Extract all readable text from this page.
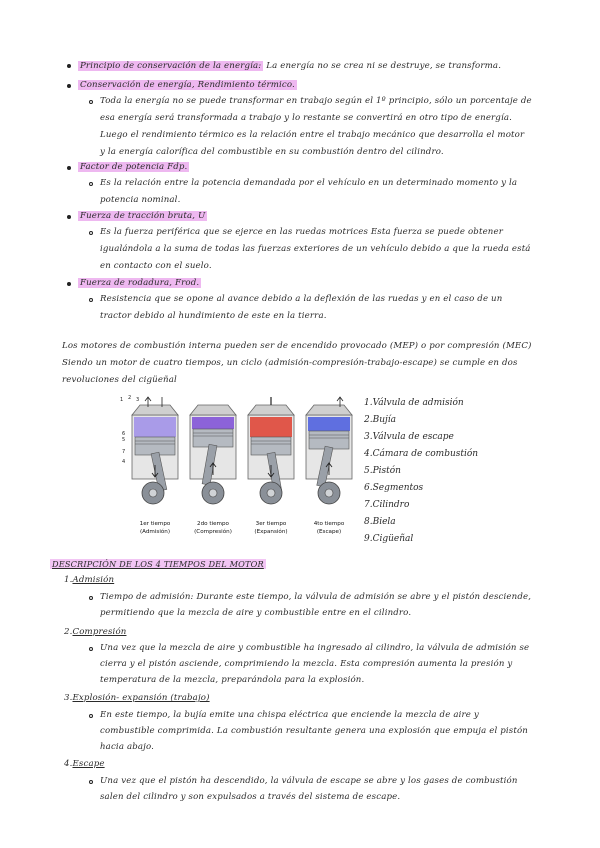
Principio de conservación de la energía: La energía no se crea ni se destruye, se transforma.
Conservación de energía, Rendimiento térmico.
Toda la energía no se puede transformar en trabajo según el 1º principio, sólo un porcentaje de
esa energía será transformada a trabajo y lo restante se convertirá en otro tipo de energía.
Luego el rendimiento térmico es la relación entre el trabajo mecánico que desarrolla el motor
y la energía calorífica del combustible en su combustión dentro del cilindro.
Factor de potencia Fdp.
Es la relación entre la potencia demandada por el vehículo en un determinado momento y la
potencia nominal.
Fuerza de tracción bruta, U
Es la fuerza periférica que se ejerce en las ruedas motrices Esta fuerza se puede obtener
igualándola a la suma de todas las fuerzas exteriores de un vehículo debido a que la rueda está
en contacto con el suelo.
Fuerza de rodadura, Frod.
Resistencia que se opone al avance debido a la deflexión de las ruedas y en el caso de un
tractor debido al hundimiento de este en la tierra.
Los motores de combustión interna pueden ser de encendido provocado (MEP) o por compresión (MEC)
Siendo un motor de cuatro tiempos, un ciclo (admisión-compresión-trabajo-escape) se cumple en dos
revoluciones del cigüeñal
1 2 3
6
5
7
4
1er tiempo
(Admisión)
2do tiempo
(Compresión)
3er tiempo
(Expansión)
4to tiempo
(Escape)
1.Válvula de admisión
2.Bujía
3.Válvula de escape
4.Cámara de combustión
5.Pistón
6.Segmentos
7.Cilindro
8.Biela
9.Cigüeñal
DESCRIPCIÓN DE LOS 4 TIEMPOS DEL MOTOR
1.Admisión
Tiempo de admisión: Durante este tiempo, la válvula de admisión se abre y el pistón desciende,
permitiendo que la mezcla de aire y combustible entre en el cilindro.
2.Compresión
Una vez que la mezcla de aire y combustible ha ingresado al cilindro, la válvula de admisión se
cierra y el pistón asciende, comprimiendo la mezcla. Esta compresión aumenta la presión y
temperatura de la mezcla, preparándola para la explosión.
3.Explosión- expansión (trabajo)
En este tiempo, la bujía emite una chispa eléctrica que enciende la mezcla de aire y
combustible comprimida. La combustión resultante genera una explosión que empuja el pistón
hacia abajo.
4.Escape
Una vez que el pistón ha descendido, la válvula de escape se abre y los gases de combustión
salen del cilindro y son expulsados a través del sistema de escape.
